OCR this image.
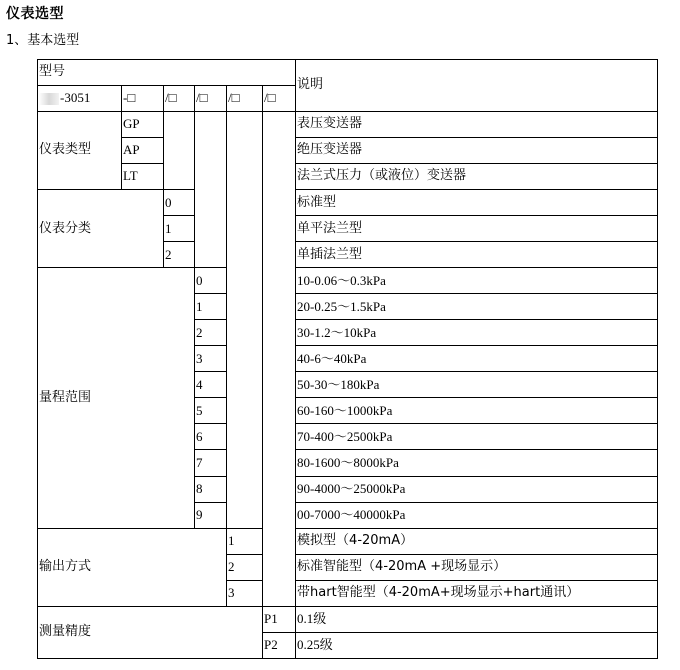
仪表选型
1、基本选型
型号						说明
-3051	-□	/□	/□	/□	/□	
仪表类型	GP					表压变送器
	AP					绝压变送器
	LT					法兰式压力（或液位）变送器
仪表分类		0				标准型
		1				单平法兰型
		2				单插法兰型
量程范围			0			10-0.06～0.3kPa
			1			20-0.25～1.5kPa
			2			30-1.2～10kPa
			3			40-6～40kPa
			4			50-30～180kPa
			5			60-160～1000kPa
			6			70-400～2500kPa
			7			80-1600～8000kPa
			8			90-4000～25000kPa
			9			00-7000～40000kPa
输出方式				1		模拟型（4-20mA）
				2		标准智能型（4-20mA +现场显示）
				3		带hart智能型（4-20mA+现场显示+hart通讯）
测量精度					P1	0.1级
					P2	0.25级
